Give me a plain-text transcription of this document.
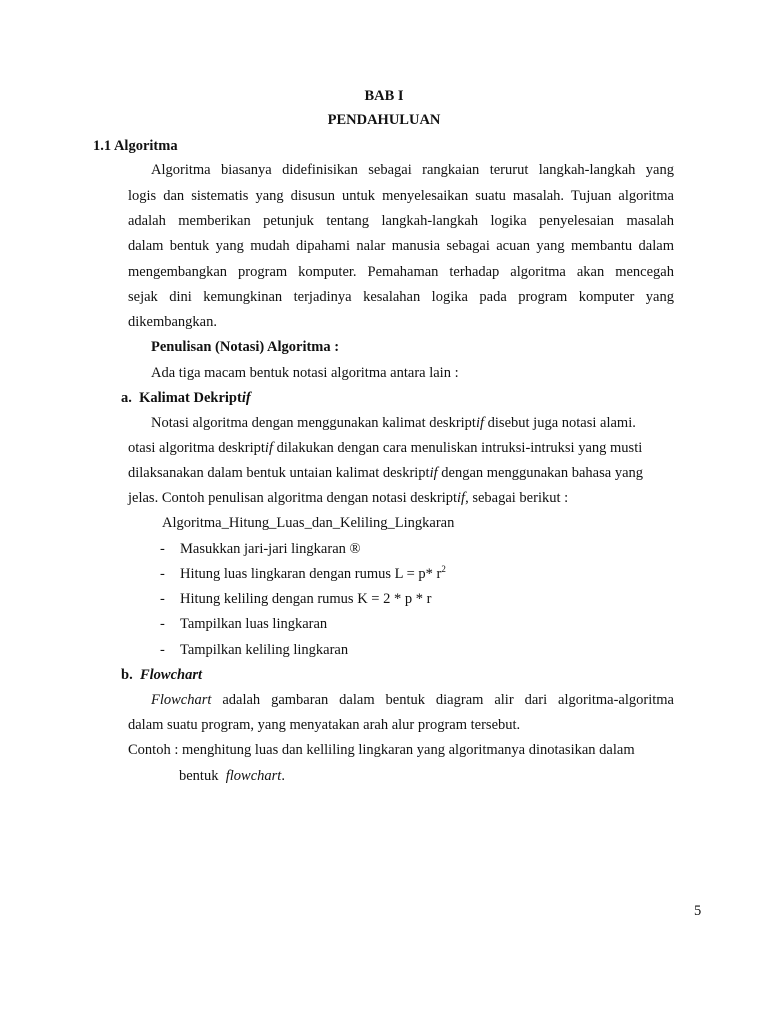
BAB I

PENDAHULUAN

1.1 Algoritma

Algoritma biasanya didefinisikan sebagai rangkaian terurut langkah-langkah yang

logis dan sistematis yang disusun untuk menyelesaikan suatu masalah. Tujuan algoritma

adalah memberikan petunjuk tentang langkah-langkah logika penyelesaian masalah

dalam bentuk yang mudah dipahami nalar manusia sebagai acuan yang membantu dalam

mengembangkan program komputer. Pemahaman terhadap algoritma akan mencegah

sejak dini kemungkinan terjadinya kesalahan logika pada program komputer yang

dikembangkan.

Penulisan (Notasi) Algoritma :

Ada tiga macam bentuk notasi algoritma antara lain :

a. Kalimat Dekriptif

Notasi algoritma dengan menggunakan kalimat deskriptif disebut juga notasi alami.

otasi algoritma deskriptif dilakukan dengan cara menuliskan intruksi-intruksi yang musti

dilaksanakan dalam bentuk untaian kalimat deskriptif dengan menggunakan bahasa yang

jelas. Contoh penulisan algoritma dengan notasi deskriptif, sebagai berikut :

Algoritma_Hitung_Luas_dan_Keliling_Lingkaran

- Masukkan jari-jari lingkaran ®

- Hitung luas lingkaran dengan rumus L = p* $r^2$

- Hitung keliling dengan rumus K = 2 * p * r

- Tampilkan luas lingkaran

- Tampilkan keliling lingkaran

b. Flowchart

Flowchart adalah gambaran dalam bentuk diagram alir dari algoritma-algoritma

dalam suatu program, yang menyatakan arah alur program tersebut.

Contoh : menghitung luas dan kelliling lingkaran yang algoritmanya dinotasikan dalam

bentuk  flowchart.

5
